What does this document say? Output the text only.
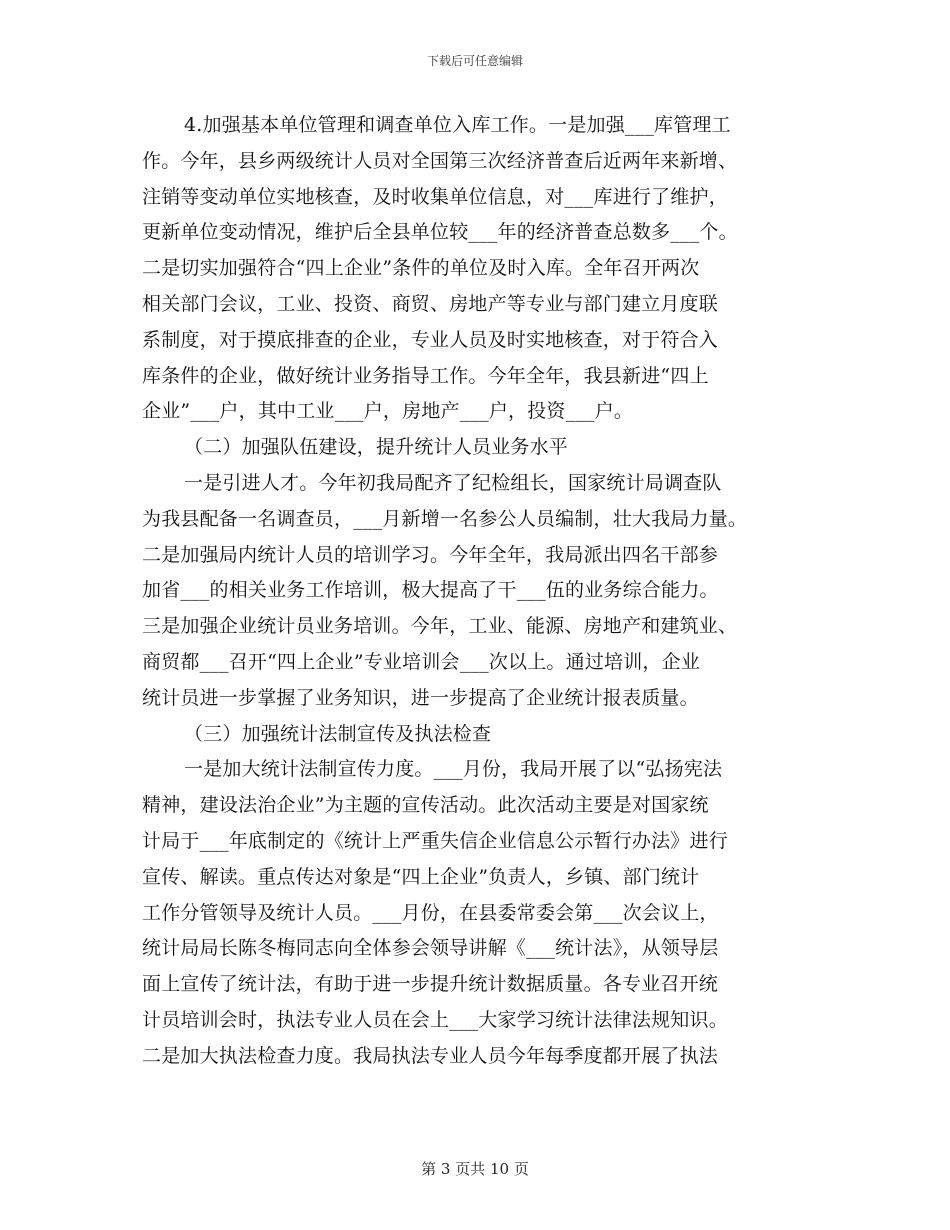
下载后可任意编辑
4.加强基本单位管理和调查单位入库工作。一是加强___库管理工
作。今年，县乡两级统计人员对全国第三次经济普查后近两年来新增、
注销等变动单位实地核查，及时收集单位信息，对___库进行了维护，
更新单位变动情况，维护后全县单位较___年的经济普查总数多___个。
二是切实加强符合“四上企业”条件的单位及时入库。全年召开两次
相关部门会议，工业、投资、商贸、房地产等专业与部门建立月度联
系制度，对于摸底排查的企业，专业人员及时实地核查，对于符合入
库条件的企业，做好统计业务指导工作。今年全年，我县新进“四上
企业”___户，其中工业___户，房地产___户，投资___户。
（二）加强队伍建设，提升统计人员业务水平
一是引进人才。今年初我局配齐了纪检组长，国家统计局调查队
为我县配备一名调查员，___月新增一名参公人员编制，壮大我局力量。
二是加强局内统计人员的培训学习。今年全年，我局派出四名干部参
加省___的相关业务工作培训，极大提高了干___伍的业务综合能力。
三是加强企业统计员业务培训。今年，工业、能源、房地产和建筑业、
商贸都___召开“四上企业”专业培训会___次以上。通过培训，企业
统计员进一步掌握了业务知识，进一步提高了企业统计报表质量。
（三）加强统计法制宣传及执法检查
一是加大统计法制宣传力度。___月份，我局开展了以“弘扬宪法
精神，建设法治企业”为主题的宣传活动。此次活动主要是对国家统
计局于___年底制定的《统计上严重失信企业信息公示暂行办法》进行
宣传、解读。重点传达对象是“四上企业”负责人，乡镇、部门统计
工作分管领导及统计人员。___月份，在县委常委会第___次会议上，
统计局局长陈冬梅同志向全体参会领导讲解《___统计法》，从领导层
面上宣传了统计法，有助于进一步提升统计数据质量。各专业召开统
计员培训会时，执法专业人员在会上___大家学习统计法律法规知识。
二是加大执法检查力度。我局执法专业人员今年每季度都开展了执法
第 3 页共 10 页
